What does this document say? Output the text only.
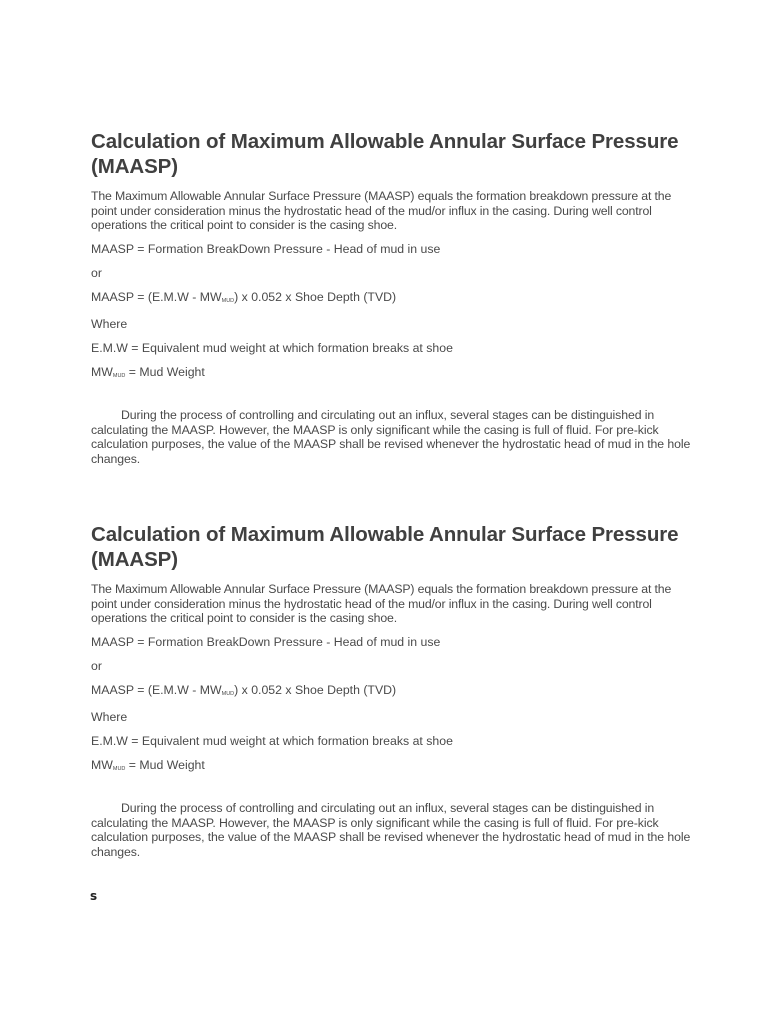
Calculation of Maximum Allowable Annular Surface Pressure (MAASP)

The Maximum Allowable Annular Surface Pressure (MAASP) equals the formation breakdown pressure at the point under consideration minus the hydrostatic head of the mud/or influx in the casing. During well control operations the critical point to consider is the casing shoe.

MAASP = Formation BreakDown Pressure - Head of mud in use

or

MAASP = $(E.M.W - MW_{MUD})$ x 0.052 x Shoe Depth (TVD)

Where

E.M.W = Equivalent mud weight at which formation breaks at shoe

$MW_{MUD}$ = Mud Weight

During the process of controlling and circulating out an influx, several stages can be distinguished in calculating the MAASP. However, the MAASP is only significant while the casing is full of fluid. For pre-kick calculation purposes, the value of the MAASP shall be revised whenever the hydrostatic head of mud in the hole changes.

Calculation of Maximum Allowable Annular Surface Pressure (MAASP)

The Maximum Allowable Annular Surface Pressure (MAASP) equals the formation breakdown pressure at the point under consideration minus the hydrostatic head of the mud/or influx in the casing. During well control operations the critical point to consider is the casing shoe.

MAASP = Formation BreakDown Pressure - Head of mud in use

or

MAASP = $(E.M.W - MW_{MUD})$ x 0.052 x Shoe Depth (TVD)

Where

E.M.W = Equivalent mud weight at which formation breaks at shoe

$MW_{MUD}$ = Mud Weight

During the process of controlling and circulating out an influx, several stages can be distinguished in calculating the MAASP. However, the MAASP is only significant while the casing is full of fluid. For pre-kick calculation purposes, the value of the MAASP shall be revised whenever the hydrostatic head of mud in the hole changes.

s
